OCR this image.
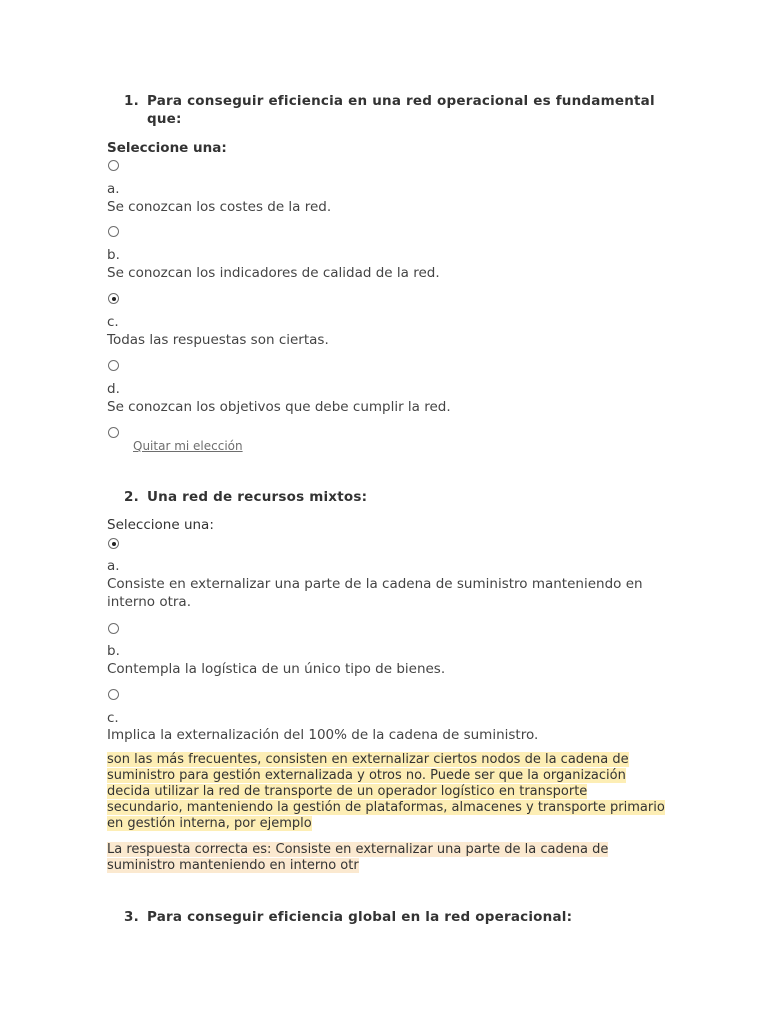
1. Para conseguir eficiencia en una red operacional es fundamental que:
Seleccione una:
a.
Se conozcan los costes de la red.
b.
Se conozcan los indicadores de calidad de la red.
c.
Todas las respuestas son ciertas.
d.
Se conozcan los objetivos que debe cumplir la red.
Quitar mi elección
2. Una red de recursos mixtos:
Seleccione una:
a.
Consiste en externalizar una parte de la cadena de suministro manteniendo en interno otra.
b.
Contempla la logística de un único tipo de bienes.
c.
Implica la externalización del 100% de la cadena de suministro.
son las más frecuentes, consisten en externalizar ciertos nodos de la cadena de suministro para gestión externalizada y otros no. Puede ser que la organización decida utilizar la red de transporte de un operador logístico en transporte secundario, manteniendo la gestión de plataformas, almacenes y transporte primario en gestión interna, por ejemplo
La respuesta correcta es: Consiste en externalizar una parte de la cadena de suministro manteniendo en interno otr
3. Para conseguir eficiencia global en la red operacional:
